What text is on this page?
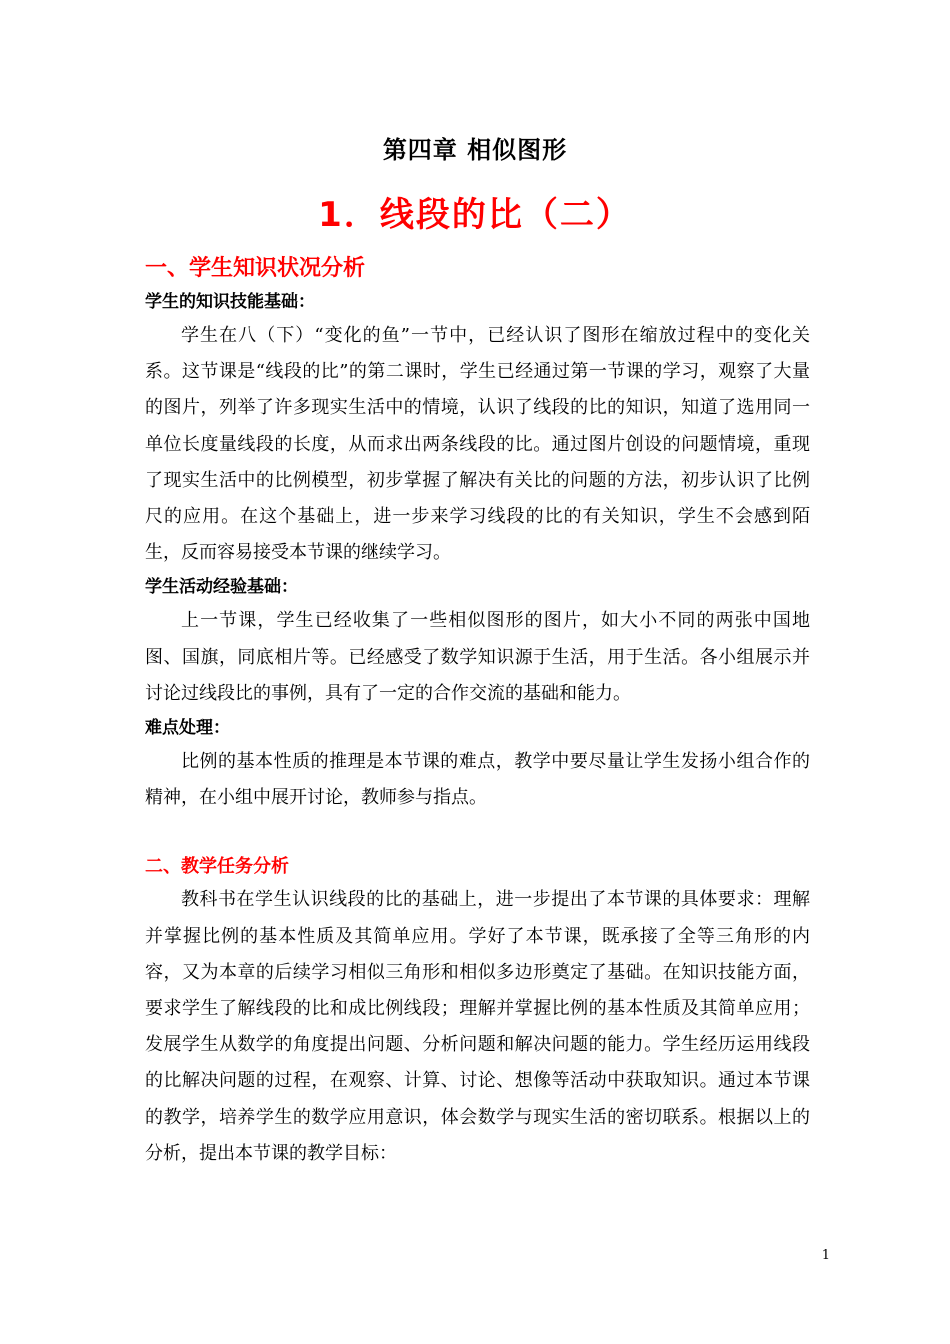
第四章 相似图形
1．线段的比（二）
一、学生知识状况分析
学生的知识技能基础：

学生在八（下）“变化的鱼”一节中，已经认识了图形在缩放过程中的变化关系。这节课是“线段的比”的第二课时，学生已经通过第一节课的学习，观察了大量的图片，列举了许多现实生活中的情境，认识了线段的比的知识，知道了选用同一单位长度量线段的长度，从而求出两条线段的比。通过图片创设的问题情境，重现了现实生活中的比例模型，初步掌握了解决有关比的问题的方法，初步认识了比例尺的应用。在这个基础上，进一步来学习线段的比的有关知识，学生不会感到陌生，反而容易接受本节课的继续学习。

学生活动经验基础：

上一节课，学生已经收集了一些相似图形的图片，如大小不同的两张中国地图、国旗，同底相片等。已经感受了数学知识源于生活，用于生活。各小组展示并讨论过线段比的事例，具有了一定的合作交流的基础和能力。

难点处理：

比例的基本性质的推理是本节课的难点，教学中要尽量让学生发扬小组合作的精神，在小组中展开讨论，教师参与指点。

二、教学任务分析

教科书在学生认识线段的比的基础上，进一步提出了本节课的具体要求：理解并掌握比例的基本性质及其简单应用。学好了本节课，既承接了全等三角形的内容，又为本章的后续学习相似三角形和相似多边形奠定了基础。在知识技能方面，要求学生了解线段的比和成比例线段；理解并掌握比例的基本性质及其简单应用；发展学生从数学的角度提出问题、分析问题和解决问题的能力。学生经历运用线段的比解决问题的过程，在观察、计算、讨论、想像等活动中获取知识。通过本节课的教学，培养学生的数学应用意识，体会数学与现实生活的密切联系。根据以上的分析，提出本节课的教学目标：

1
